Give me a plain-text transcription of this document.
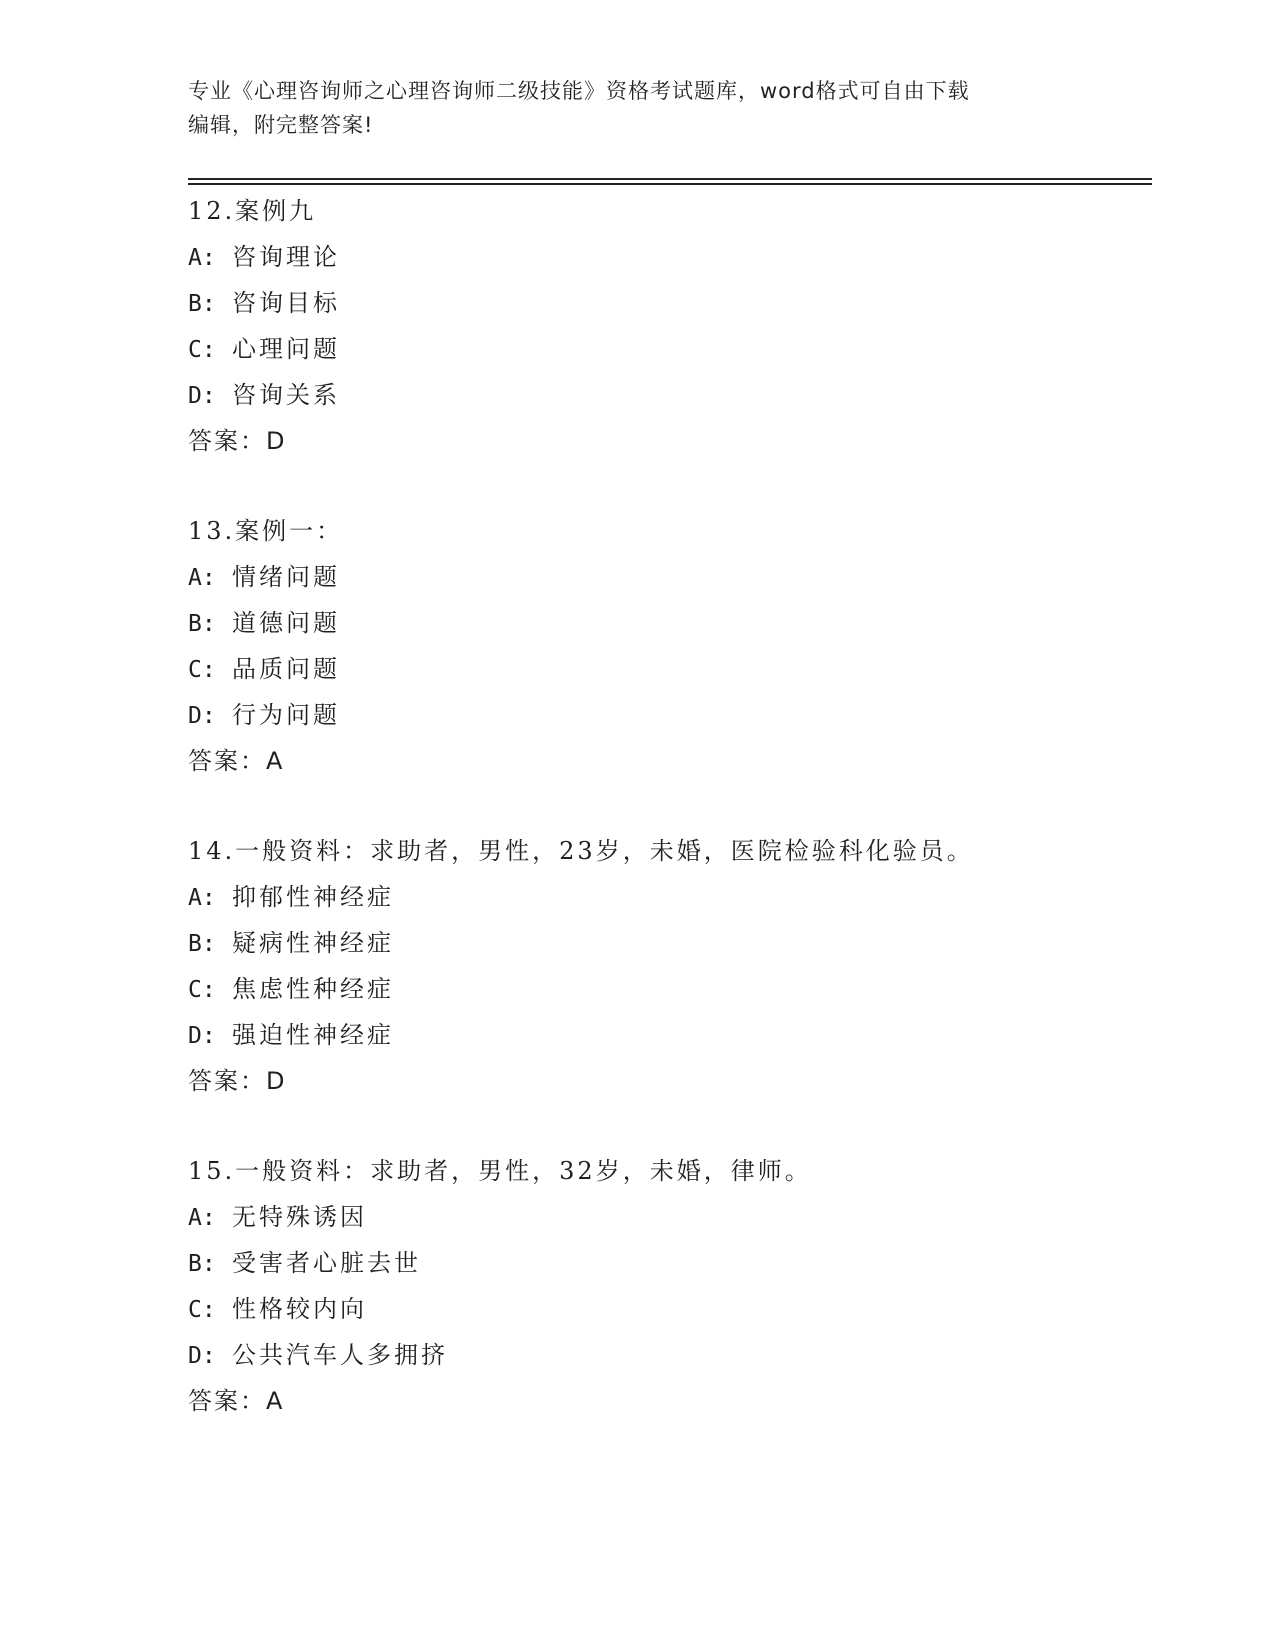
专业《心理咨询师之心理咨询师二级技能》资格考试题库，word格式可自由下载
编辑，附完整答案!
12.案例九
A: 咨询理论
B: 咨询目标
C: 心理问题
D: 咨询关系
答案：D
13.案例一：
A: 情绪问题
B: 道德问题
C: 品质问题
D: 行为问题
答案：A
14.一般资料：求助者，男性，23岁，未婚，医院检验科化验员。
A: 抑郁性神经症
B: 疑病性神经症
C: 焦虑性种经症
D: 强迫性神经症
答案：D
15.一般资料：求助者，男性，32岁，未婚，律师。
A: 无特殊诱因
B: 受害者心脏去世
C: 性格较内向
D: 公共汽车人多拥挤
答案：A
